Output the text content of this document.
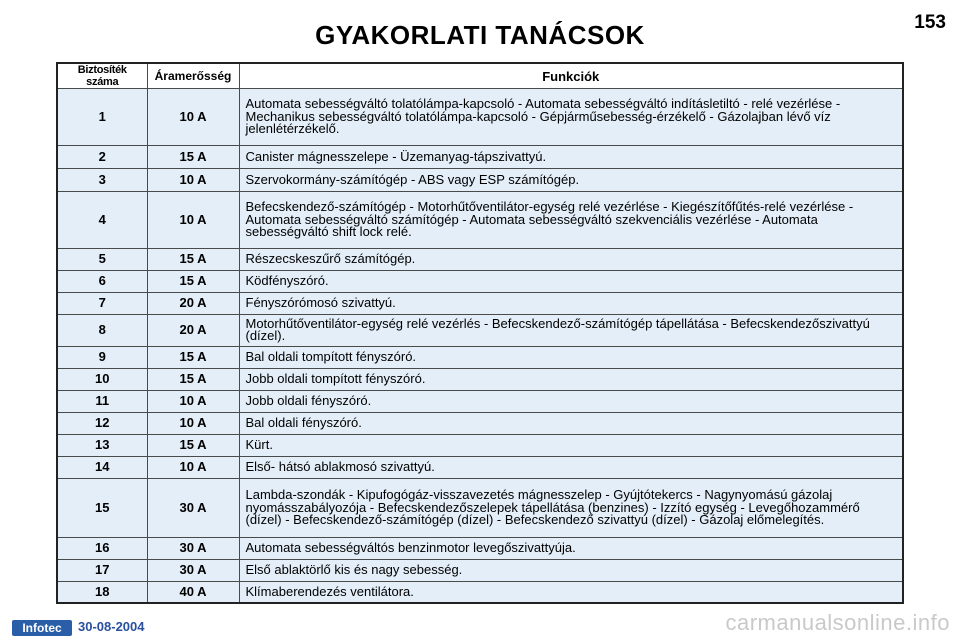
GYAKORLATI TANÁCSOK	153
Biztosíték száma	Áramerősség	Funkciók
1	10 A	Automata sebességváltó tolatólámpa-kapcsoló - Automata sebességváltó indításletiltó - relé vezérlése - Mechanikus sebességváltó tolatólámpa-kapcsoló - Gépjárműsebesség-érzékelő - Gázolajban lévő víz jelenlétérzékelő.
2	15 A	Canister mágnesszelepe - Üzemanyag-tápszivattyú.
3	10 A	Szervokormány-számítógép - ABS vagy ESP számítógép.
4	10 A	Befecskendező-számítógép - Motorhűtőventilátor-egység relé vezérlése - Kiegészítőfűtés-relé vezérlése - Automata sebességváltó számítógép - Automata sebességváltó szekvenciális vezérlése - Automata sebességváltó shift lock relé.
5	15 A	Részecskeszűrő számítógép.
6	15 A	Ködfényszóró.
7	20 A	Fényszórómosó szivattyú.
8	20 A	Motorhűtőventilátor-egység relé vezérlés - Befecskendező-számítógép tápellátása - Befecskendezőszivattyú (dízel).
9	15 A	Bal oldali tompított fényszóró.
10	15 A	Jobb oldali tompított fényszóró.
11	10 A	Jobb oldali fényszóró.
12	10 A	Bal oldali fényszóró.
13	15 A	Kürt.
14	10 A	Első- hátsó ablakmosó szivattyú.
15	30 A	Lambda-szondák - Kipufogógáz-visszavezetés mágnesszelep - Gyújtótekercs - Nagynyomású gázolaj nyomásszabályozója - Befecskendezőszelepek tápellátása (benzines) - Izzító egység - Levegőhozammérő (dízel) - Befecskendező-számítógép (dízel) - Befecskendező szivattyú (dízel) - Gázolaj előmelegítés.
16	30 A	Automata sebességváltós benzinmotor levegőszivattyúja.
17	30 A	Első ablaktörlő kis és nagy sebesség.
18	40 A	Klímaberendezés ventilátora.
Infotec	30-08-2004	carmanualsonline.info
